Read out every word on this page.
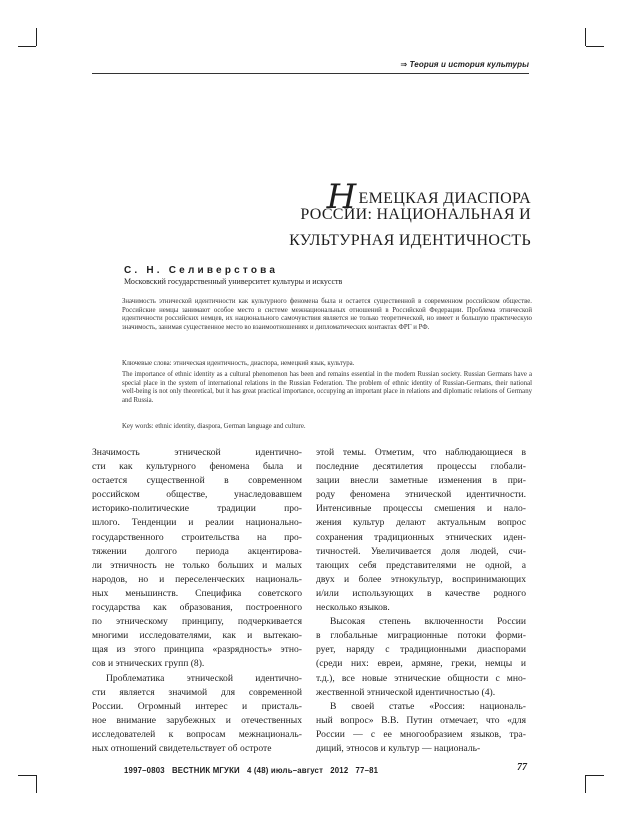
⇒ Теория и история культуры
НЕМЕЦКАЯ ДИАСПОРА
РОССИИ: НАЦИОНАЛЬНАЯ И
КУЛЬТУРНАЯ ИДЕНТИЧНОСТЬ
С. Н. Селиверстова
Московский государственный университет культуры и искусств
Значимость этнической идентичности как культурного феномена была и остается существенной в современном российском обществе. Российские немцы занимают особое место в системе межнациональных отношений в Российской Федерации. Проблема этнической идентичности российских немцев, их национального самочувствия является не только теоретической, но имеет и большую практическую значимость, занимая существенное место во взаимоотношениях и дипломатических контактах ФРГ и РФ.
Ключевые слова: этническая идентичность, диаспора, немецкий язык, культура.
The importance of ethnic identity as a cultural phenomenon has been and remains essential in the modern Russian society. Russian Germans have a special place in the system of international relations in the Russian Federation. The problem of ethnic identity of Russian-Germans, their national well-being is not only theoretical, but it has great practical importance, occupying an important place in relations and diplomatic relations of Germany and Russia.
Key words: ethnic identity, diaspora, German language and culture.
Значимость этнической идентично-
сти как культурного феномена была и
остается существенной в современном
российском обществе, унаследовавшем
историко-политические традиции про-
шлого. Тенденции и реалии национально-
государственного строительства на про-
тяжении долгого периода акцентирова-
ли этничность не только больших и малых
народов, но и переселенческих националь-
ных меньшинств. Специфика советского
государства как образования, построенного
по этническому принципу, подчеркивается
многими исследователями, как и вытекаю-
щая из этого принципа «разрядность» этно-
сов и этнических групп (8).
Проблематика этнической идентично-
сти является значимой для современной
России. Огромный интерес и присталь-
ное внимание зарубежных и отечественных
исследователей к вопросам межнациональ-
ных отношений свидетельствует об остроте
этой темы. Отметим, что наблюдающиеся в
последние десятилетия процессы глобали-
зации внесли заметные изменения в при-
роду феномена этнической идентичности.
Интенсивные процессы смешения и нало-
жения культур делают актуальным вопрос
сохранения традиционных этнических иден-
тичностей. Увеличивается доля людей, счи-
тающих себя представителями не одной, а
двух и более этнокультур, воспринимающих
и/или использующих в качестве родного
несколько языков.
Высокая степень включенности России
в глобальные миграционные потоки форми-
рует, наряду с традиционными диаспорами
(среди них: евреи, армяне, греки, немцы и
т.д.), все новые этнические общности с мно-
жественной этнической идентичностью (4).
В своей статье «Россия: националь-
ный вопрос» В.В. Путин отмечает, что «для
России — с ее многообразием языков, тра-
диций, этносов и культур — националь-
1997–0803 ВЕСТНИК МГУКИ 4 (48) июль–август 2012 77–81	77
